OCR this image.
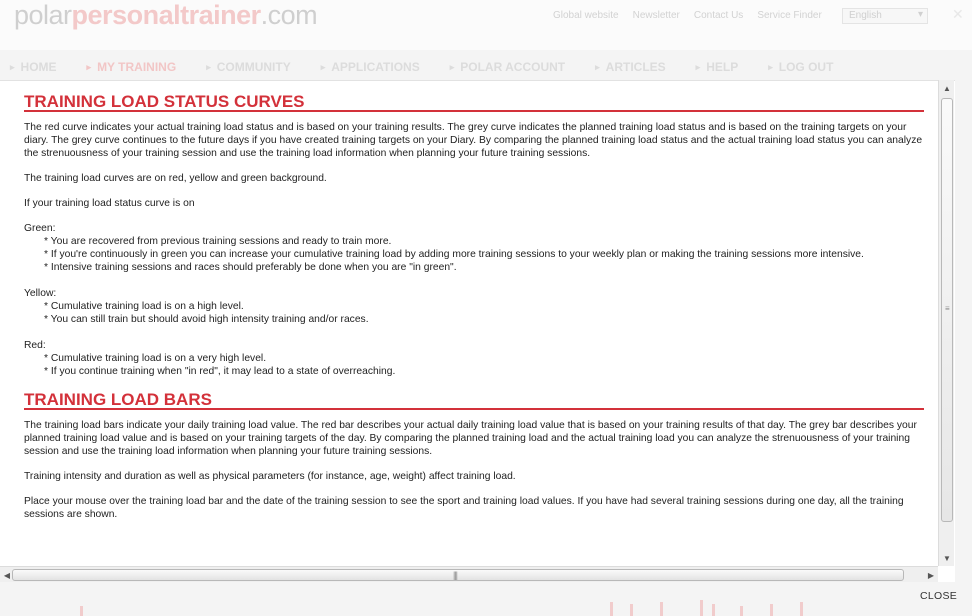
polarpersonaltrainer.com	Global website Newsletter Contact Us Service Finder	English	▾ ✕
▸ HOME	▸ MY TRAINING	▸ COMMUNITY	▸ APPLICATIONS	▸ POLAR ACCOUNT	▸ ARTICLES	▸ HELP	▸ LOG OUT
TRAINING LOAD STATUS CURVES
The red curve indicates your actual training load status and is based on your training results. The grey curve indicates the planned training load status and is based on the training targets on your diary. The grey curve continues to the future days if you have created training targets on your Diary. By comparing the planned training load status and the actual training load status you can analyze the strenuousness of your training session and use the training load information when planning your future training sessions.
The training load curves are on red, yellow and green background.
If your training load status curve is on
Green:
* You are recovered from previous training sessions and ready to train more.
* If you're continuously in green you can increase your cumulative training load by adding more training sessions to your weekly plan or making the training sessions more intensive.
* Intensive training sessions and races should preferably be done when you are "in green".
Yellow:
* Cumulative training load is on a high level.
* You can still train but should avoid high intensity training and/or races.
Red:
* Cumulative training load is on a very high level.
* If you continue training when "in red", it may lead to a state of overreaching.
TRAINING LOAD BARS
The training load bars indicate your daily training load value. The red bar describes your actual daily training load value that is based on your training results of that day. The grey bar describes your planned training load value and is based on your training targets of the day. By comparing the planned training load and the actual training load you can analyze the strenuousness of your training session and use the training load information when planning your future training sessions.
Training intensity and duration as well as physical parameters (for instance, age, weight) affect training load.
Place your mouse over the training load bar and the date of the training session to see the sport and training load values. If you have had several training sessions during one day, all the training sessions are shown.
▲
≡
▼
◀	|||	▶
CLOSE
